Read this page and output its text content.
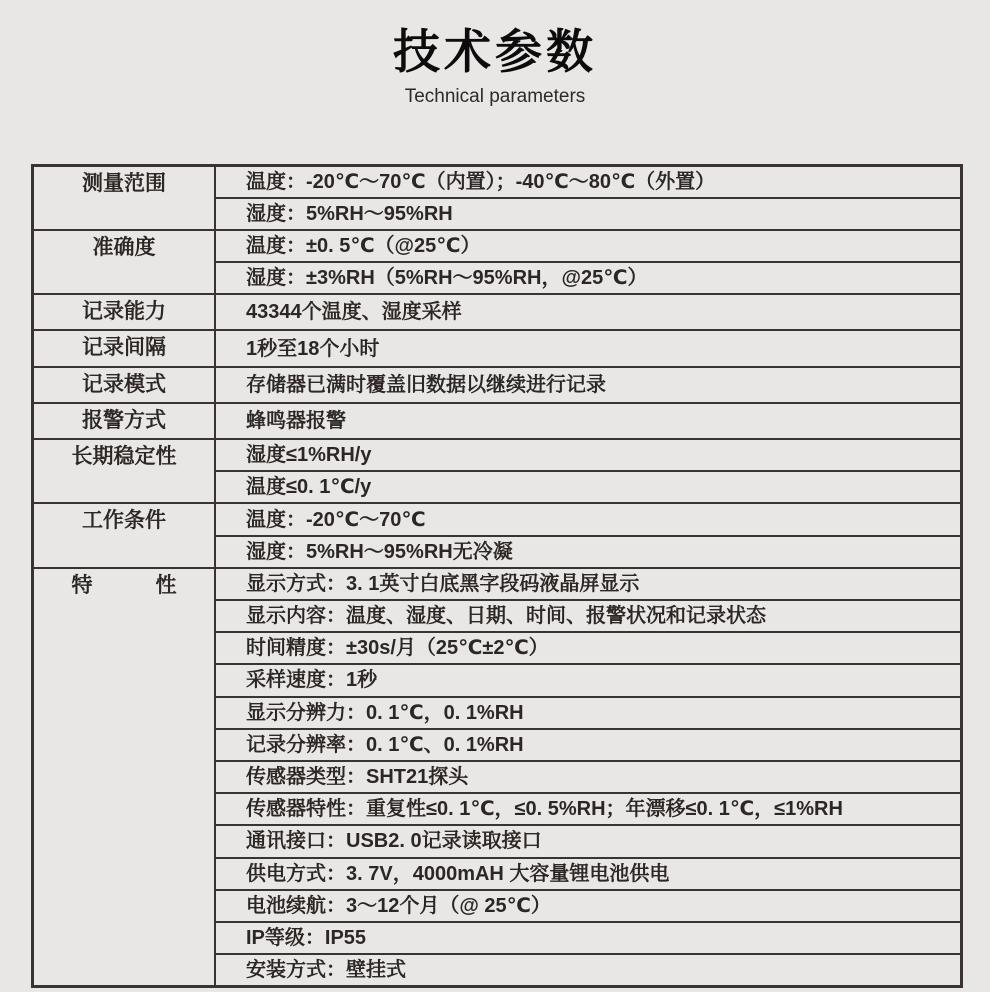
技术参数
Technical parameters
测量范围	温度：-20℃～70℃（内置）；-40℃～80℃（外置）
	湿度：5%RH～95%RH

准确度	温度：±0. 5℃（@25℃）
	湿度：±3%RH（5%RH～95%RH，@25℃）

记录能力	43344个温度、湿度采样

记录间隔	1秒至18个小时

记录模式	存储器已满时覆盖旧数据以继续进行记录

报警方式	蜂鸣器报警

长期稳定性	湿度≤1%RH/y
	温度≤0. 1℃/y

工作条件	温度：-20℃～70℃
	湿度：5%RH～95%RH无冷凝

特　　　性	显示方式：3. 1英寸白底黑字段码液晶屏显示
	显示内容：温度、湿度、日期、时间、报警状况和记录状态
	时间精度：±30s/月（25℃±2℃）
	采样速度：1秒
	显示分辨力：0. 1℃，0. 1%RH
	记录分辨率：0. 1℃、0. 1%RH
	传感器类型：SHT21探头
	传感器特性：重复性≤0. 1℃，≤0. 5%RH；年漂移≤0. 1℃，≤1%RH
	通讯接口：USB2. 0记录读取接口
	供电方式：3. 7V，4000mAH 大容量锂电池供电
	电池续航：3～12个月（@ 25℃）
	IP等级：IP55
	安装方式：壁挂式
